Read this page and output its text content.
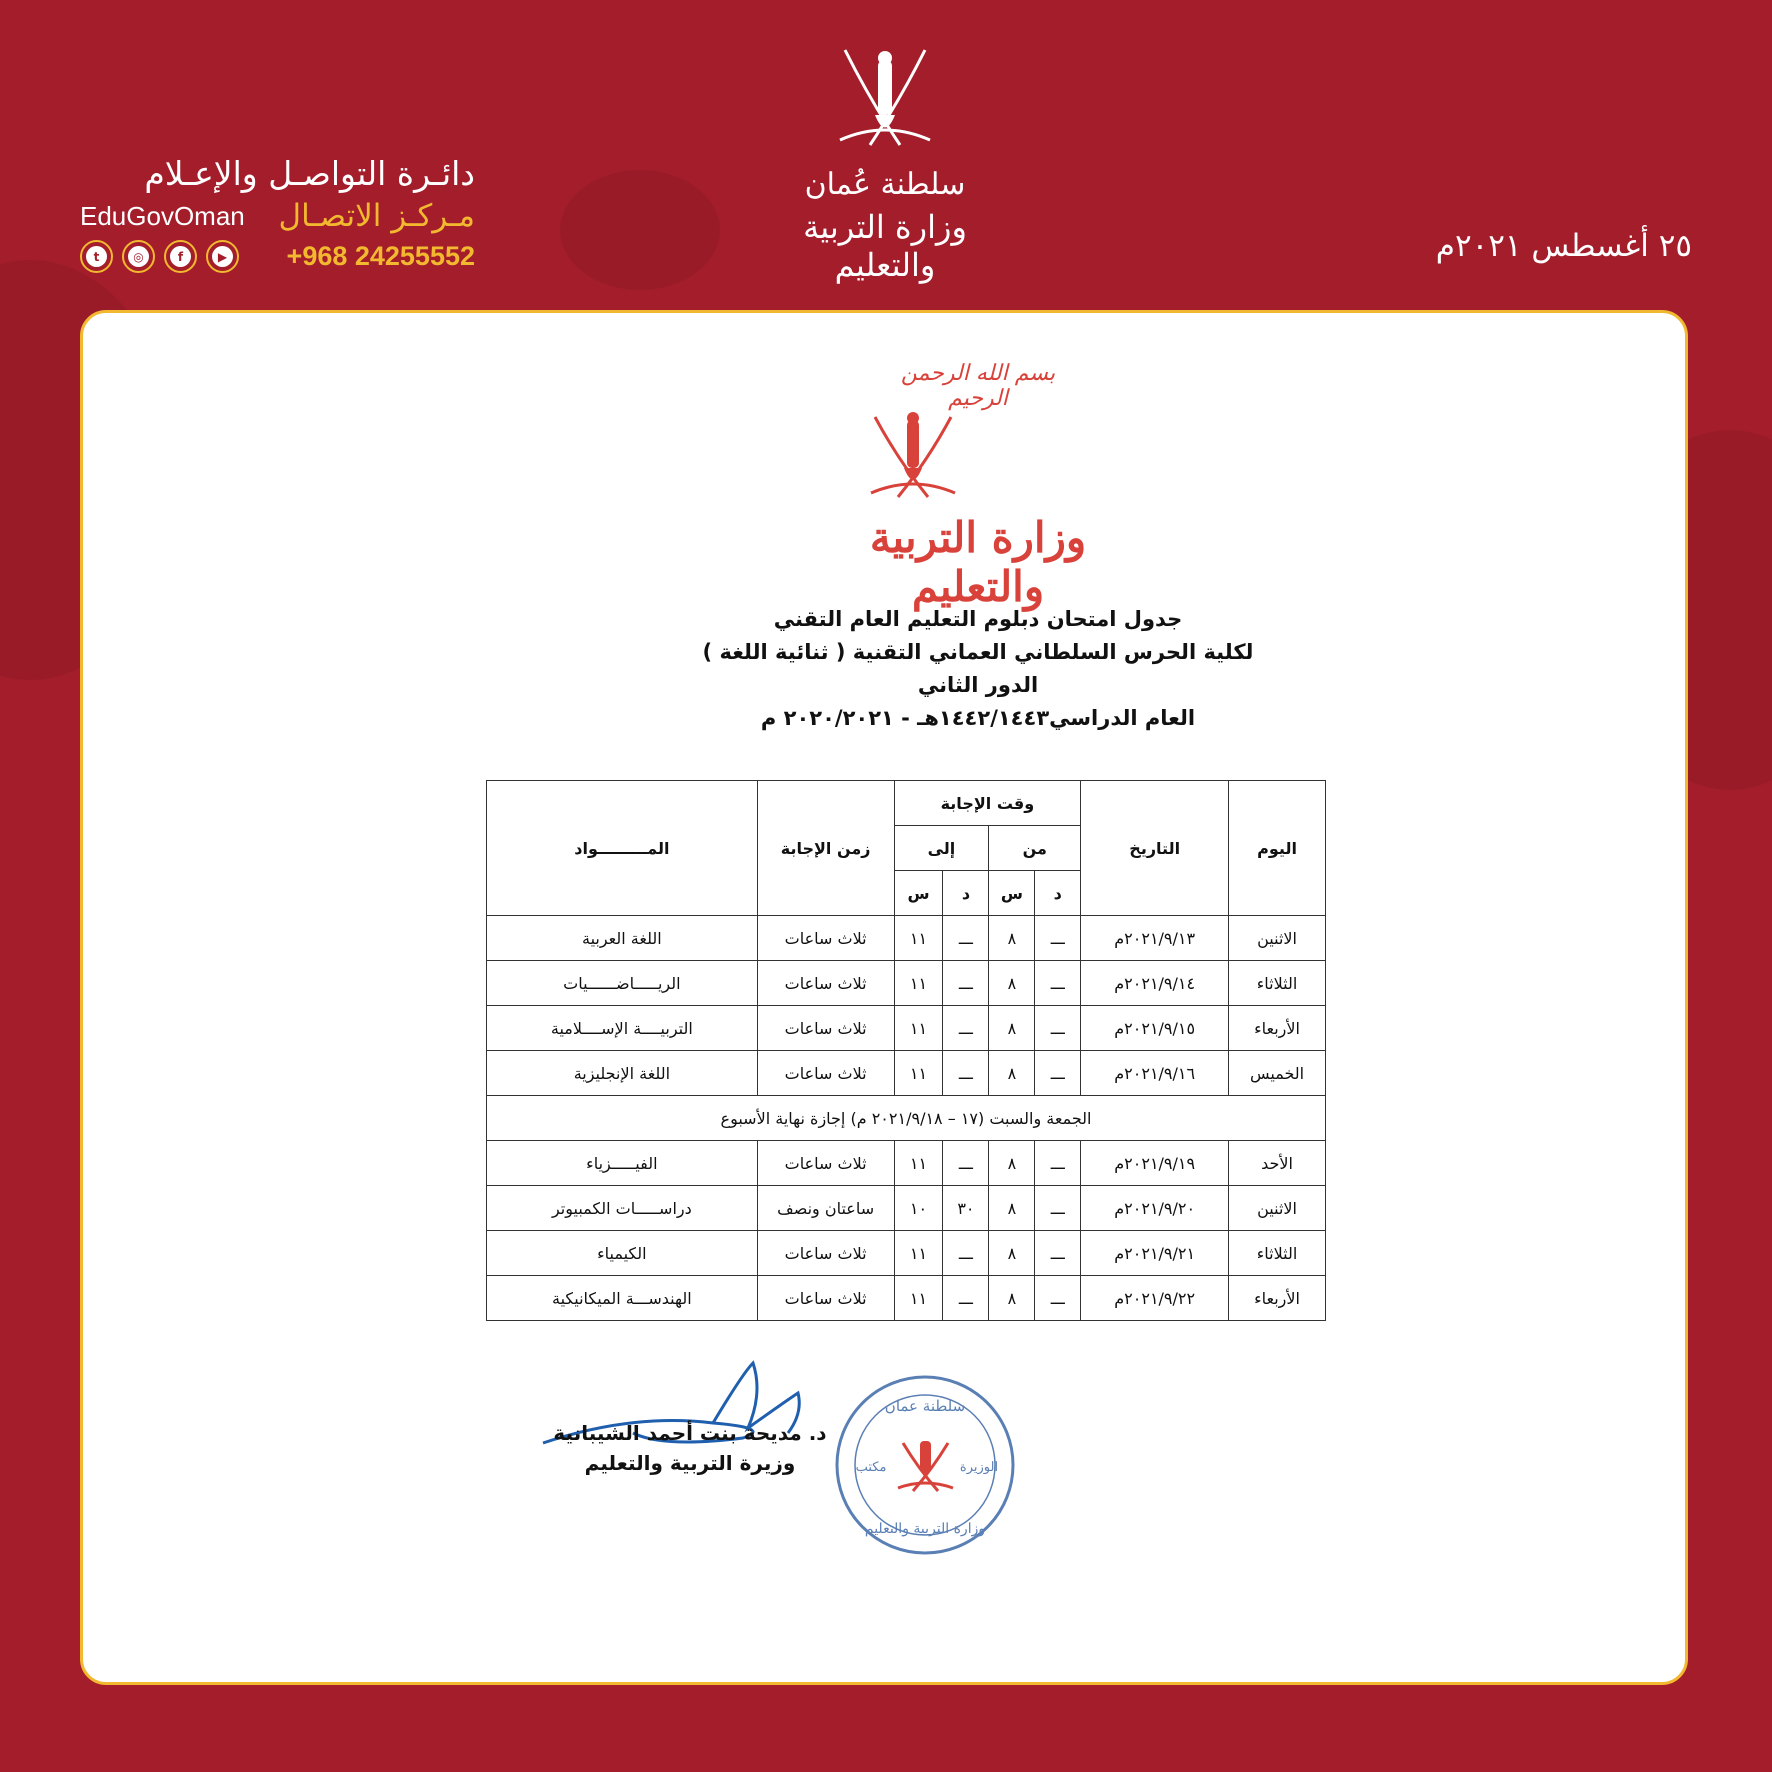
دائـرة التواصـل والإعـلام
مـركـز الاتصـال
EduGovOman
+968 24255552
t	◎	f	▶
سلطنة عُمان
وزارة التربية والتعليم	٢٥ أغسطس ٢٠٢١م
بسم الله الرحمن الرحيم
وزارة التربية والتعليم
جدول امتحان دبلوم التعليم العام التقني
لكلية الحرس السلطاني العماني التقنية ( ثنائية اللغة )
الدور الثاني
العام الدراسي١٤٤٢/١٤٤٣هـ - ٢٠٢٠/٢٠٢١ م
اليوم	التاريخ	وقت الإجابة				زمن الإجابة	المـــــــــواد
		من		إلى			
		د	س	د	س		
الاثنين	٢٠٢١/٩/١٣م	ـــ	٨	ـــ	١١	ثلاث ساعات	اللغة العربية
الثلاثاء	٢٠٢١/٩/١٤م	ـــ	٨	ـــ	١١	ثلاث ساعات	الريـــــاضــــــيات
الأربعاء	٢٠٢١/٩/١٥م	ـــ	٨	ـــ	١١	ثلاث ساعات	التربيــــة الإســــلامية
الخميس	٢٠٢١/٩/١٦م	ـــ	٨	ـــ	١١	ثلاث ساعات	اللغة الإنجليزية
الجمعة والسبت (١٧ – ٢٠٢١/٩/١٨ م) إجازة نهاية الأسبوع							
الأحد	٢٠٢١/٩/١٩م	ـــ	٨	ـــ	١١	ثلاث ساعات	الفيـــــزياء
الاثنين	٢٠٢١/٩/٢٠م	ـــ	٨	٣٠	١٠	ساعتان ونصف	دراســـــات الكمبيوتر
الثلاثاء	٢٠٢١/٩/٢١م	ـــ	٨	ـــ	١١	ثلاث ساعات	الكيمياء
الأربعاء	٢٠٢١/٩/٢٢م	ـــ	٨	ـــ	١١	ثلاث ساعات	الهندســـة الميكانيكية
د. مديحة بنت أحمد الشيبانية
وزيرة التربية والتعليم
سلطنة عمان
مكتب	الوزيرة
وزارة التربية والتعليم
